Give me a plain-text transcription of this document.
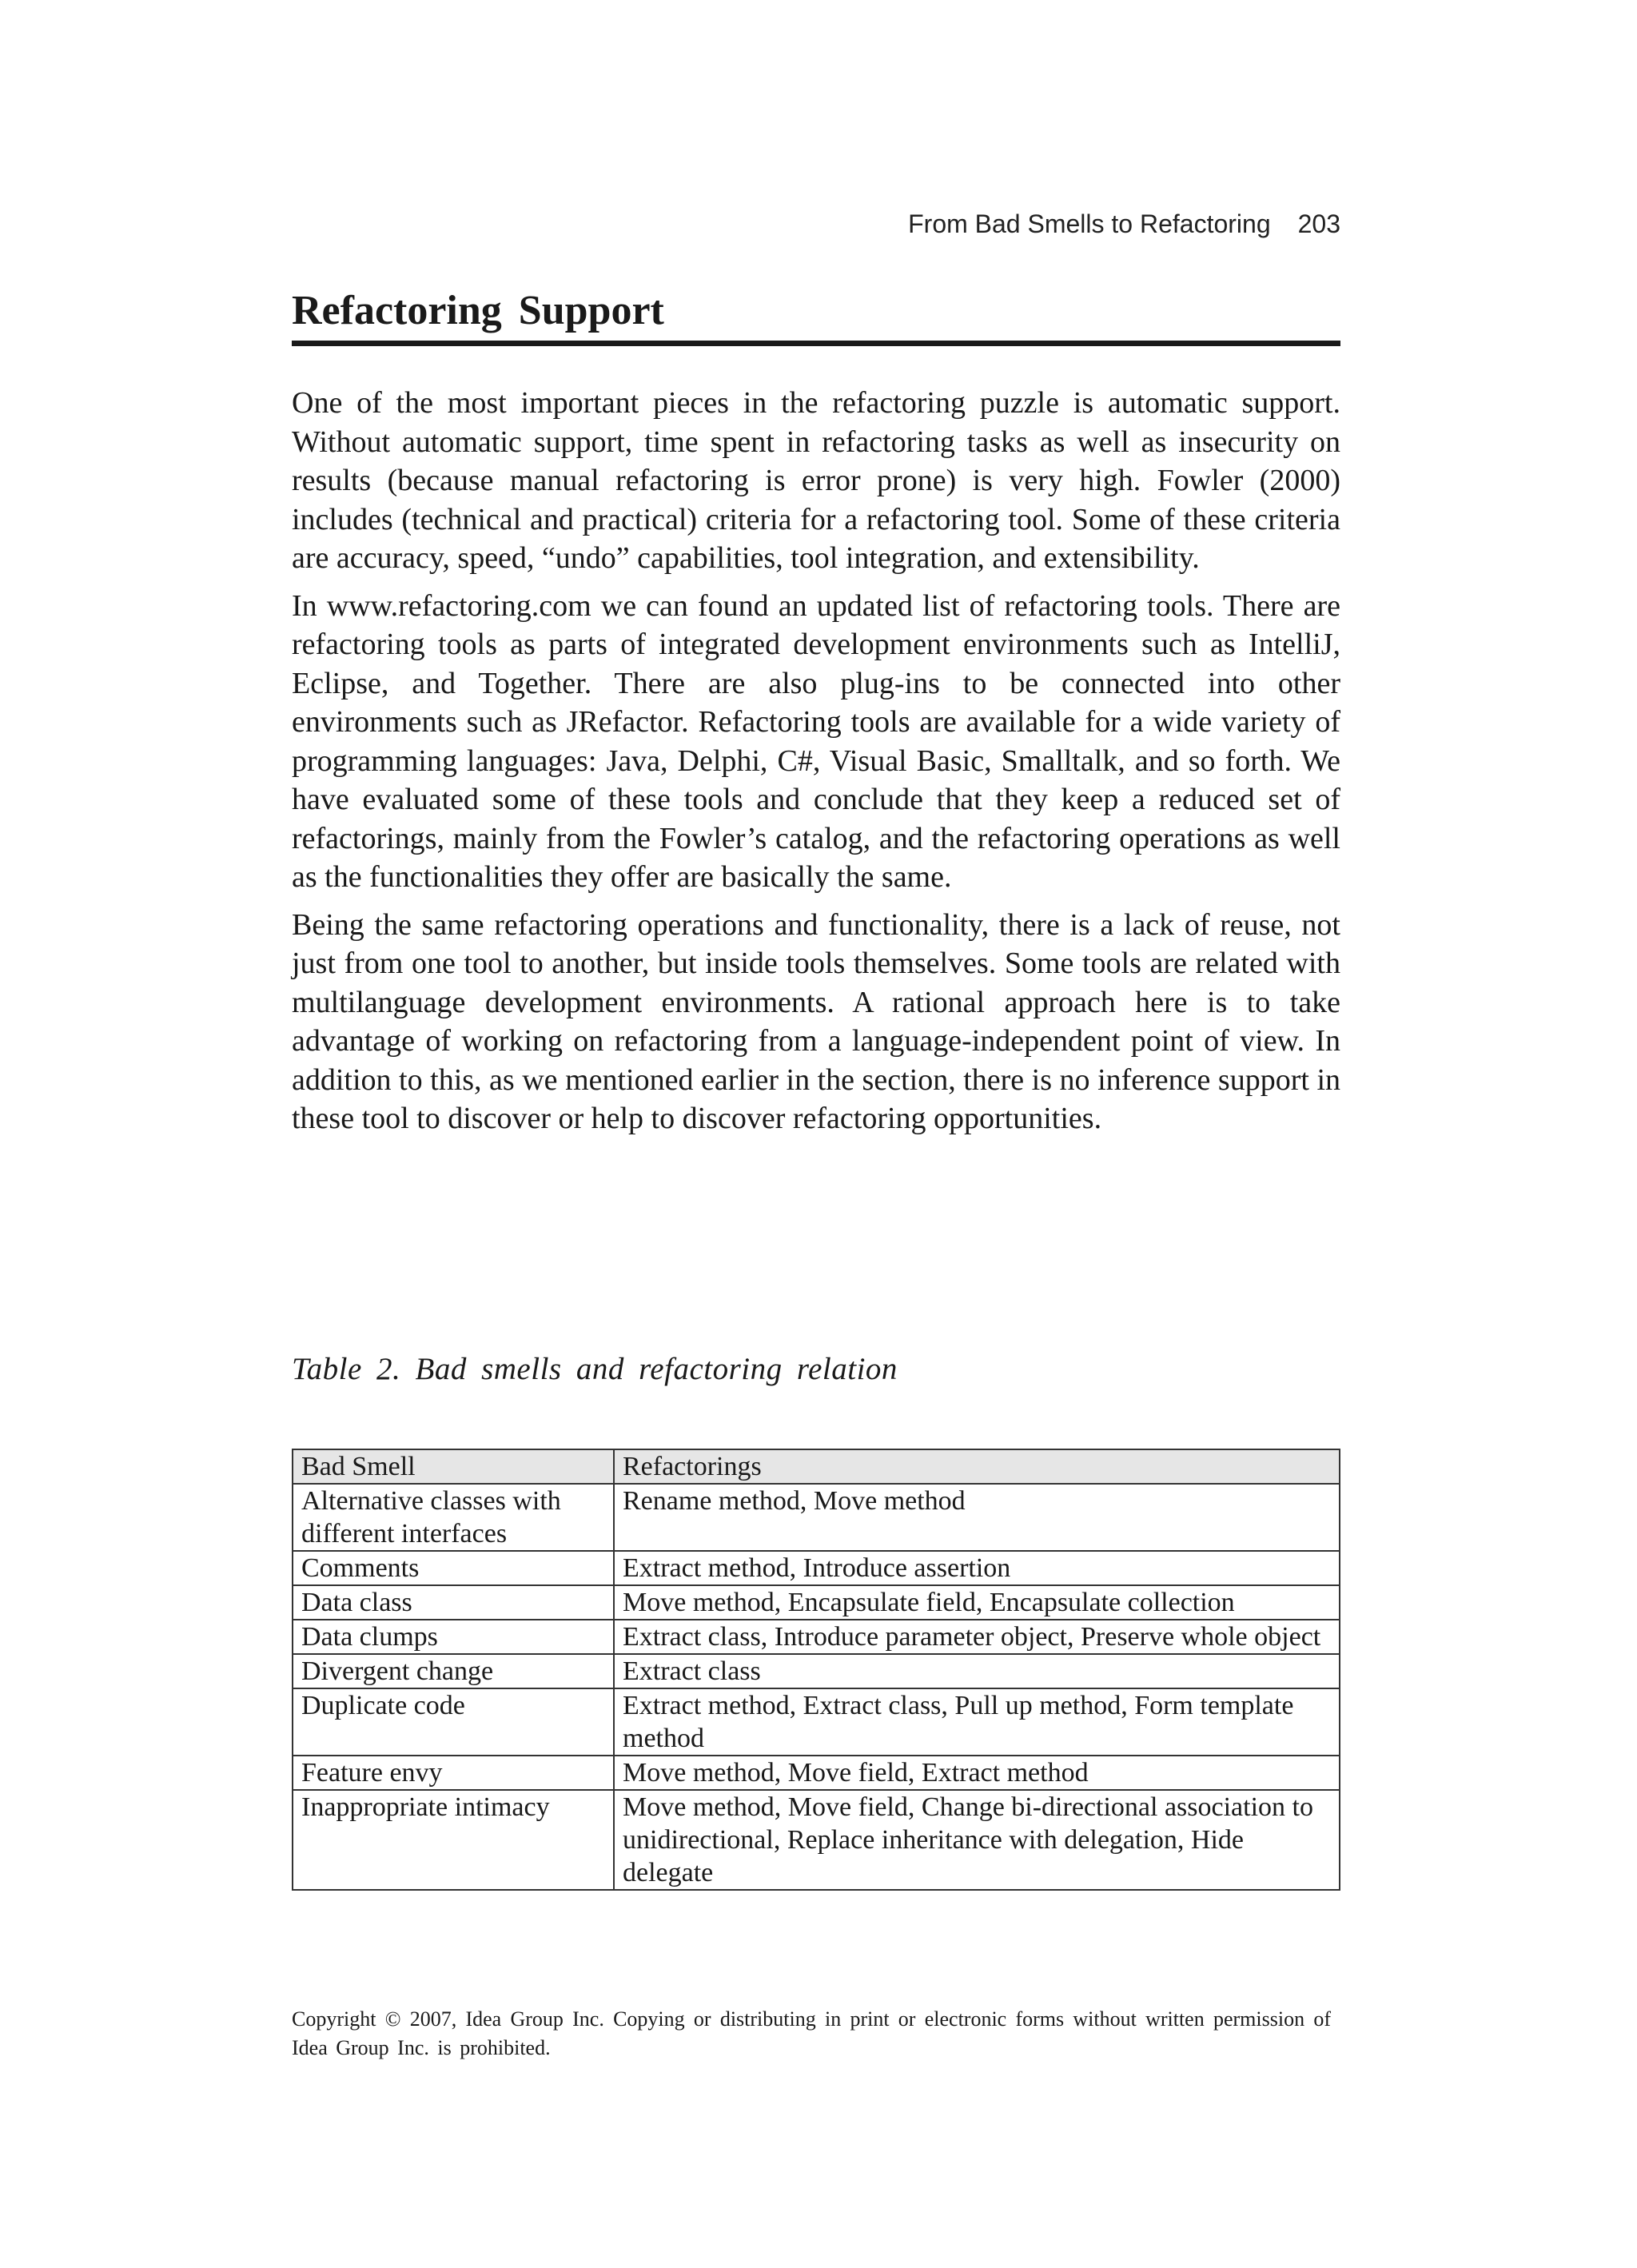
From Bad Smells to Refactoring 203
Refactoring Support

One of the most important pieces in the refactoring puzzle is automatic support. Without automatic support, time spent in refactoring tasks as well as insecurity on results (because manual refactoring is error prone) is very high. Fowler (2000) includes (technical and practical) criteria for a refactoring tool. Some of these criteria are accuracy, speed, “undo” capabilities, tool integration, and extensibility.

In www.refactoring.com we can found an updated list of refactoring tools. There are refactoring tools as parts of integrated development environments such as IntelliJ, Eclipse, and Together. There are also plug-ins to be connected into other environments such as JRefactor. Refactoring tools are available for a wide variety of programming languages: Java, Delphi, C#, Visual Basic, Smalltalk, and so forth. We have evaluated some of these tools and conclude that they keep a reduced set of refactorings, mainly from the Fowler’s catalog, and the refactoring operations as well as the functionalities they offer are basically the same.

Being the same refactoring operations and functionality, there is a lack of reuse, not just from one tool to another, but inside tools themselves. Some tools are related with multilanguage development environments. A rational approach here is to take advantage of working on refactoring from a language-independent point of view. In addition to this, as we mentioned earlier in the section, there is no inference support in these tool to discover or help to discover refactoring opportunities.

Table 2. Bad smells and refactoring relation

Bad Smell	Refactorings
Alternative classes with different interfaces	Rename method, Move method
Comments	Extract method, Introduce assertion
Data class	Move method, Encapsulate field, Encapsulate collection
Data clumps	Extract class, Introduce parameter object, Preserve whole object
Divergent change	Extract class
Duplicate code	Extract method, Extract class, Pull up method, Form template method
Feature envy	Move method, Move field, Extract method
Inappropriate intimacy	Move method, Move field, Change bi-directional association to unidirectional, Replace inheritance with delegation, Hide delegate
Copyright © 2007, Idea Group Inc. Copying or distributing in print or electronic forms without written permission of Idea Group Inc. is prohibited.
